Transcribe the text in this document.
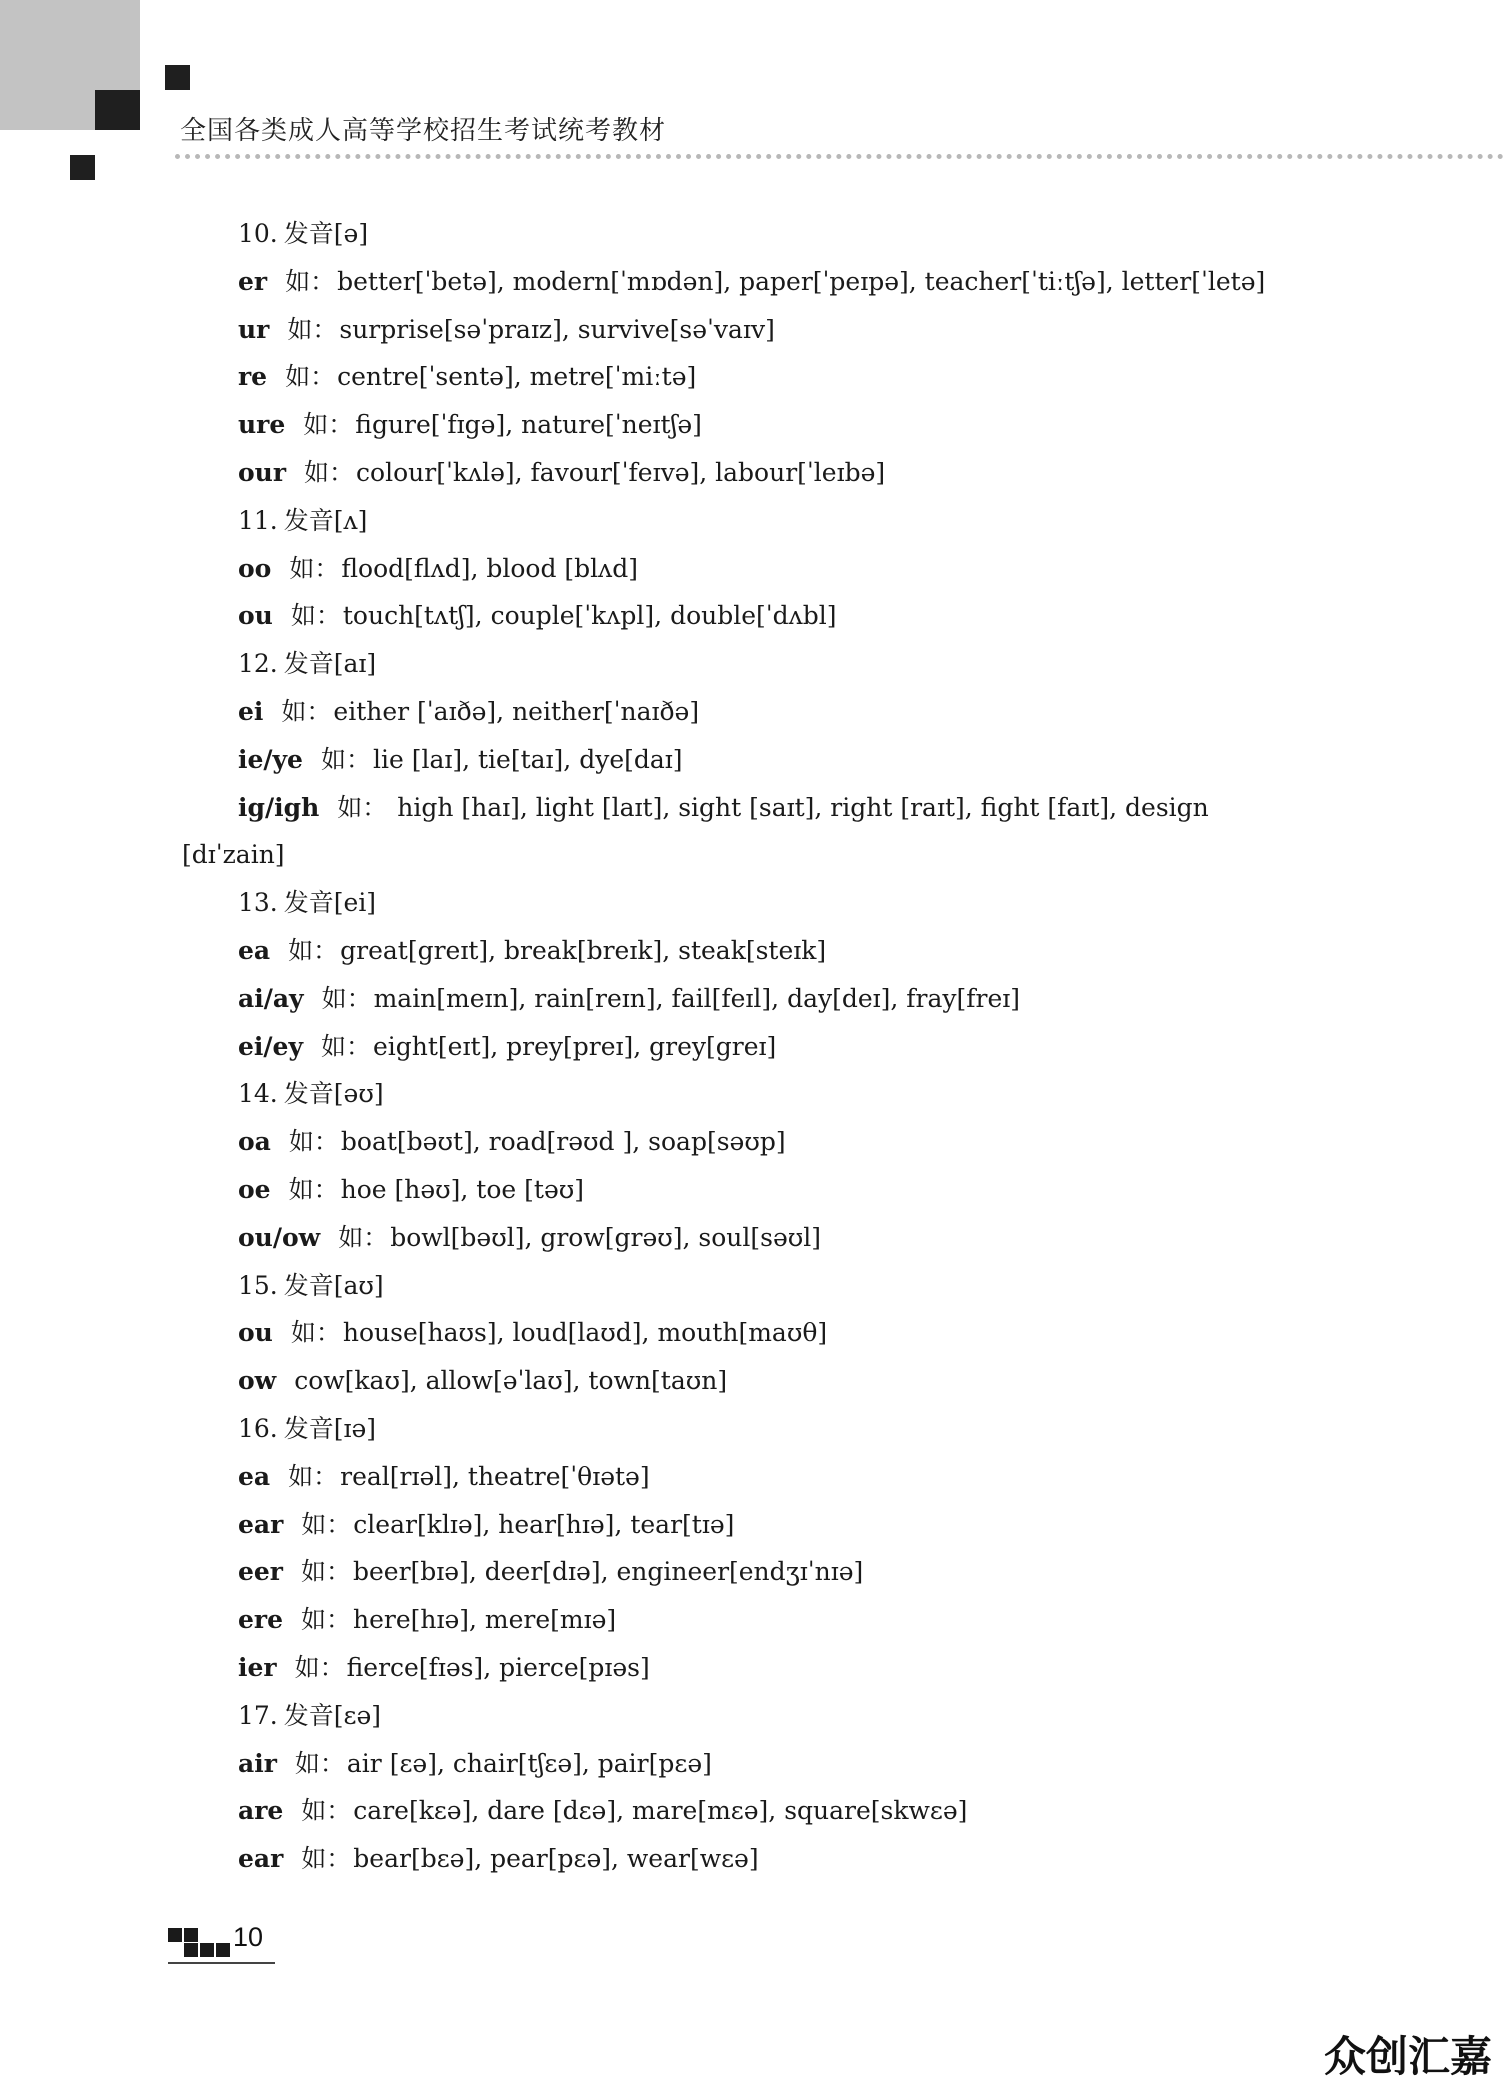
全国各类成人高等学校招生考试统考教材
10. 发音[ə]
er 如：better[ˈbetə], modern[ˈmɒdən], paper[ˈpeɪpə], teacher[ˈtiːtʃə], letter[ˈletə]
ur 如：surprise[səˈpraɪz], survive[səˈvaɪv]
re 如：centre[ˈsentə], metre[ˈmiːtə]
ure 如：figure[ˈfɪgə], nature[ˈneɪtʃə]
our 如：colour[ˈkʌlə], favour[ˈfeɪvə], labour[ˈleɪbə]
11. 发音[ʌ]
oo 如：flood[flʌd], blood [blʌd]
ou 如：touch[tʌtʃ], couple[ˈkʌpl], double[ˈdʌbl]
12. 发音[aɪ]
ei 如：either [ˈaɪðə], neither[ˈnaɪðə]
ie/ye 如：lie [laɪ], tie[taɪ], dye[daɪ]
ig/igh 如： high [haɪ], light [laɪt], sight [saɪt], right [raɪt], fight [faɪt], design
[dɪˈzain]
13. 发音[ei]
ea 如：great[greɪt], break[breɪk], steak[steɪk]
ai/ay 如：main[meɪn], rain[reɪn], fail[feɪl], day[deɪ], fray[freɪ]
ei/ey 如：eight[eɪt], prey[preɪ], grey[greɪ]
14. 发音[əʊ]
oa 如：boat[bəʊt], road[rəʊd ], soap[səʊp]
oe 如：hoe [həʊ], toe [təʊ]
ou/ow 如：bowl[bəʊl], grow[grəʊ], soul[səʊl]
15. 发音[aʊ]
ou 如：house[haʊs], loud[laʊd], mouth[maʊθ]
ow cow[kaʊ], allow[əˈlaʊ], town[taʊn]
16. 发音[ɪə]
ea 如：real[rɪəl], theatre[ˈθɪətə]
ear 如：clear[klɪə], hear[hɪə], tear[tɪə]
eer 如：beer[bɪə], deer[dɪə], engineer[endʒɪˈnɪə]
ere 如：here[hɪə], mere[mɪə]
ier 如：fierce[fɪəs], pierce[pɪəs]
17. 发音[εə]
air 如：air [εə], chair[tʃεə], pair[pεə]
are 如：care[kεə], dare [dεə], mare[mεə], square[skwεə]
ear 如：bear[bεə], pear[pεə], wear[wεə]
10
众创汇嘉
